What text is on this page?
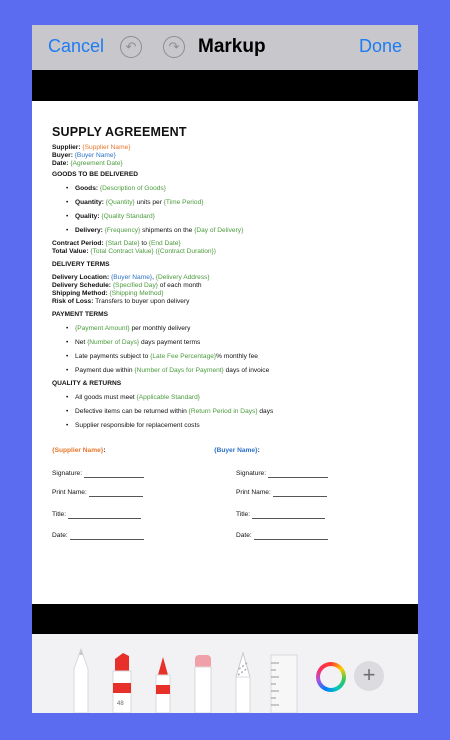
Cancel	↶	↷ Markup	Done
SUPPLY AGREEMENT
Supplier: {Supplier Name}
Buyer: {Buyer Name}
Date: {Agreement Date}
GOODS TO BE DELIVERED
• Goods: {Description of Goods}
• Quantity: {Quantity} units per {Time Period}
• Quality: {Quality Standard}
• Delivery: {Frequency} shipments on the {Day of Delivery}
Contract Period: {Start Date} to {End Date}
Total Value: {Total Contract Value} ({Contract Duration})
DELIVERY TERMS
Delivery Location: {Buyer Name}, {Delivery Address}
Delivery Schedule: {Specified Day} of each month
Shipping Method: {Shipping Method}
Risk of Loss: Transfers to buyer upon delivery
PAYMENT TERMS
• {Payment Amount} per monthly delivery
• Net {Number of Days} days payment terms
• Late payments subject to {Late Fee Percentage}% monthly fee
• Payment due within {Number of Days for Payment} days of invoice
QUALITY & RETURNS
• All goods must meet {Applicable Standard}
• Defective items can be returned within {Return Period in Days} days
• Supplier responsible for replacement costs
{Supplier Name}:	{Buyer Name}:
Signature:	Signature:
Print Name:	Print Name:
Title:	Title:
Date:	Date:
48
+
